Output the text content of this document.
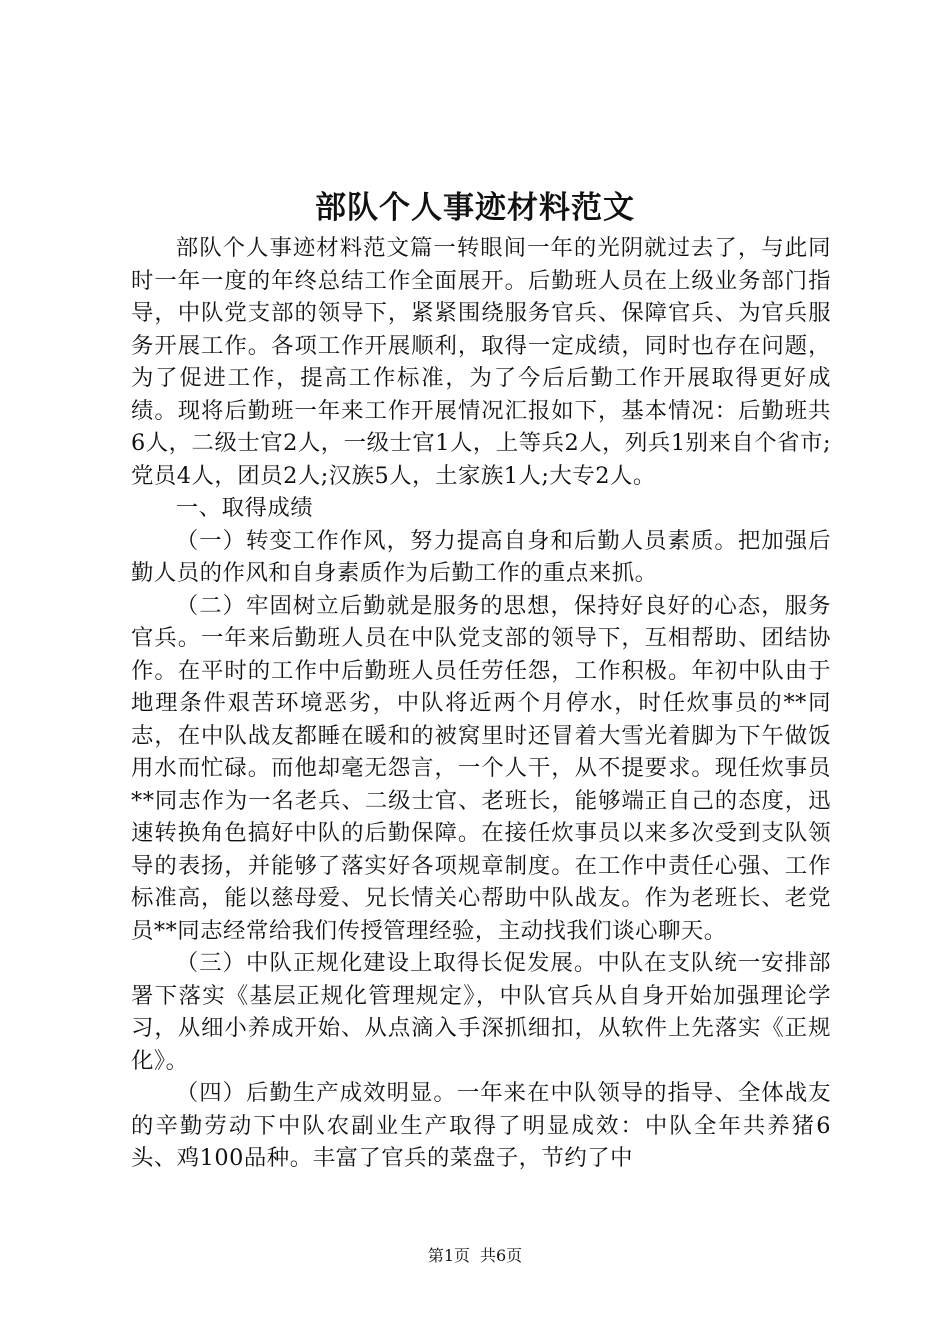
部队个人事迹材料范文

部队个人事迹材料范文篇一转眼间一年的光阴就过去了，与此同时一年一度的年终总结工作全面展开。后勤班人员在上级业务部门指导，中队党支部的领导下，紧紧围绕服务官兵、保障官兵、为官兵服务开展工作。各项工作开展顺利，取得一定成绩，同时也存在问题，为了促进工作，提高工作标准，为了今后后勤工作开展取得更好成绩。现将后勤班一年来工作开展情况汇报如下，基本情况：后勤班共6人，二级士官2人，一级士官1人，上等兵2人，列兵1别来自个省市;党员4人，团员2人;汉族5人，土家族1人;大专2人。

一、取得成绩

（一）转变工作作风，努力提高自身和后勤人员素质。把加强后勤人员的作风和自身素质作为后勤工作的重点来抓。

（二）牢固树立后勤就是服务的思想，保持好良好的心态，服务官兵。一年来后勤班人员在中队党支部的领导下，互相帮助、团结协作。在平时的工作中后勤班人员任劳任怨，工作积极。年初中队由于地理条件艰苦环境恶劣，中队将近两个月停水，时任炊事员的**同志，在中队战友都睡在暖和的被窝里时还冒着大雪光着脚为下午做饭用水而忙碌。而他却毫无怨言，一个人干，从不提要求。现任炊事员**同志作为一名老兵、二级士官、老班长，能够端正自己的态度，迅速转换角色搞好中队的后勤保障。在接任炊事员以来多次受到支队领导的表扬，并能够了落实好各项规章制度。在工作中责任心强、工作标准高，能以慈母爱、兄长情关心帮助中队战友。作为老班长、老党员**同志经常给我们传授管理经验，主动找我们谈心聊天。

（三）中队正规化建设上取得长促发展。中队在支队统一安排部署下落实《基层正规化管理规定》，中队官兵从自身开始加强理论学习，从细小养成开始、从点滴入手深抓细扣，从软件上先落实《正规化》。

（四）后勤生产成效明显。一年来在中队领导的指导、全体战友的辛勤劳动下中队农副业生产取得了明显成效：中队全年共养猪6头、鸡100品种。丰富了官兵的菜盘子，节约了中

第1页 共6页
